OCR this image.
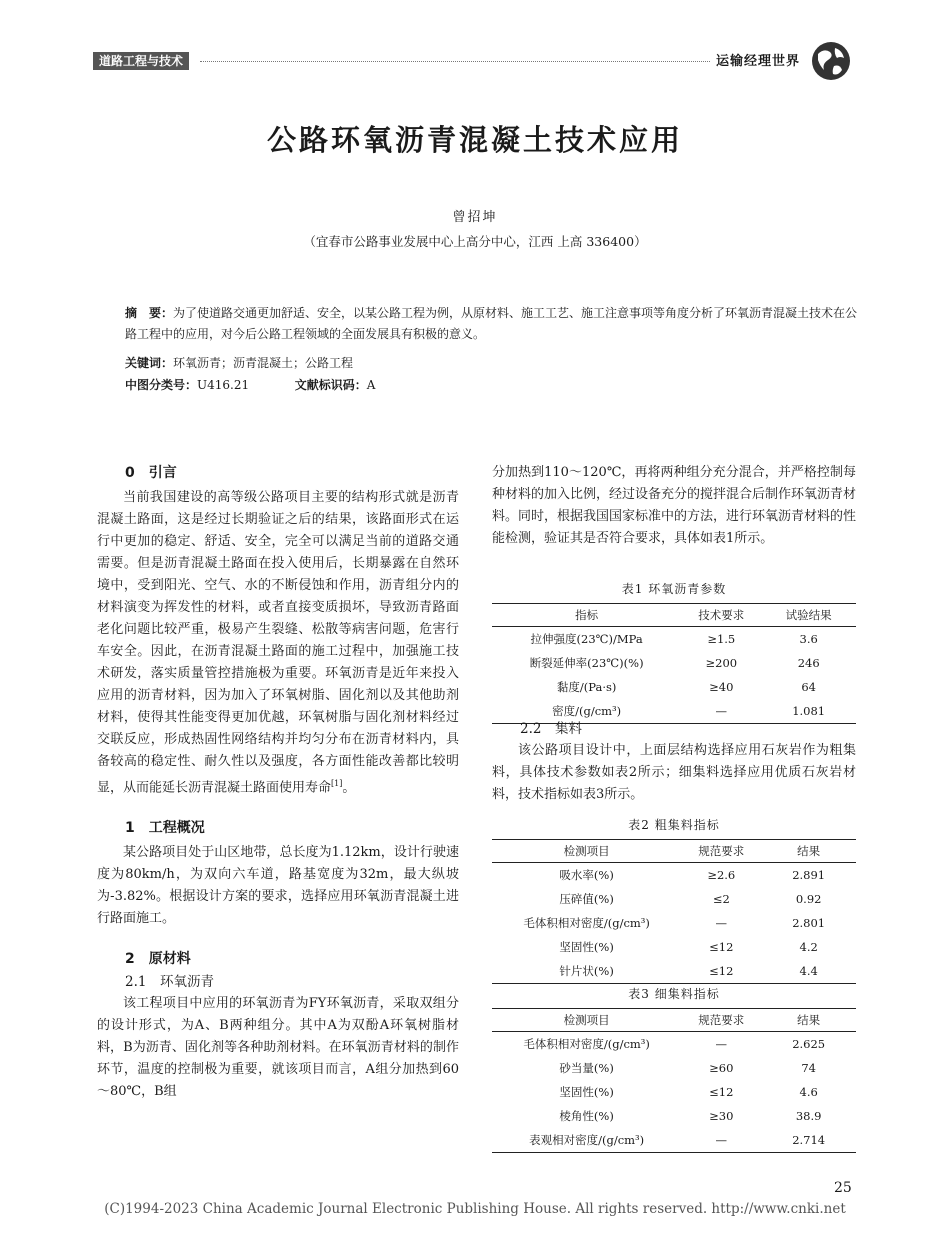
道路工程与技术	运输经理世界
公路环氧沥青混凝土技术应用
曾招坤
（宜春市公路事业发展中心上高分中心，江西 上高 336400）
摘　要：为了使道路交通更加舒适、安全，以某公路工程为例，从原材料、施工工艺、施工注意事项等角度分析了环氧沥青混凝土技术在公路工程中的应用，对今后公路工程领域的全面发展具有积极的意义。
关键词：环氧沥青；沥青混凝土；公路工程
中图分类号：U416.21	文献标识码：A
0　引言

当前我国建设的高等级公路项目主要的结构形式就是沥青混凝土路面，这是经过长期验证之后的结果，该路面形式在运行中更加的稳定、舒适、安全，完全可以满足当前的道路交通需要。但是沥青混凝土路面在投入使用后，长期暴露在自然环境中，受到阳光、空气、水的不断侵蚀和作用，沥青组分内的材料演变为挥发性的材料，或者直接变质损坏，导致沥青路面老化问题比较严重，极易产生裂缝、松散等病害问题，危害行车安全。因此，在沥青混凝土路面的施工过程中，加强施工技术研发，落实质量管控措施极为重要。环氧沥青是近年来投入应用的沥青材料，因为加入了环氧树脂、固化剂以及其他助剂材料，使得其性能变得更加优越，环氧树脂与固化剂材料经过交联反应，形成热固性网络结构并均匀分布在沥青材料内，具备较高的稳定性、耐久性以及强度，各方面性能改善都比较明显，从而能延长沥青混凝土路面使用寿命[1]。

1　工程概况

某公路项目处于山区地带，总长度为1.12km，设计行驶速度为80km/h，为双向六车道，路基宽度为32m，最大纵坡为-3.82%。根据设计方案的要求，选择应用环氧沥青混凝土进行路面施工。

2　原材料
2.1　环氧沥青

该工程项目中应用的环氧沥青为FY环氧沥青，采取双组分的设计形式，为A、B两种组分。其中A为双酚A环氧树脂材料，B为沥青、固化剂等各种助剂材料。在环氧沥青材料的制作环节，温度的控制极为重要，就该项目而言，A组分加热到60～80℃，B组

分加热到110～120℃，再将两种组分充分混合，并严格控制每种材料的加入比例，经过设备充分的搅拌混合后制作环氧沥青材料。同时，根据我国国家标准中的方法，进行环氧沥青材料的性能检测，验证其是否符合要求，具体如表1所示。

表1 环氧沥青参数
指标	技术要求	试验结果
拉伸强度(23℃)/MPa	≥1.5	3.6
断裂延伸率(23℃)(%)	≥200	246
黏度/(Pa·s)	≥40	64
密度/(g/cm³)	—	1.081
2.2　集料

该公路项目设计中，上面层结构选择应用石灰岩作为粗集料，具体技术参数如表2所示；细集料选择应用优质石灰岩材料，技术指标如表3所示。

表2 粗集料指标
检测项目	规范要求	结果
吸水率(%)	≥2.6	2.891
压碎值(%)	≤2	0.92
毛体积相对密度/(g/cm³)	—	2.801
坚固性(%)	≤12	4.2
针片状(%)	≤12	4.4
表3 细集料指标
检测项目	规范要求	结果
毛体积相对密度/(g/cm³)	—	2.625
砂当量(%)	≥60	74
坚固性(%)	≤12	4.6
棱角性(%)	≥30	38.9
表观相对密度/(g/cm³)	—	2.714
25
(C)1994-2023 China Academic Journal Electronic Publishing House. All rights reserved. http://www.cnki.net
